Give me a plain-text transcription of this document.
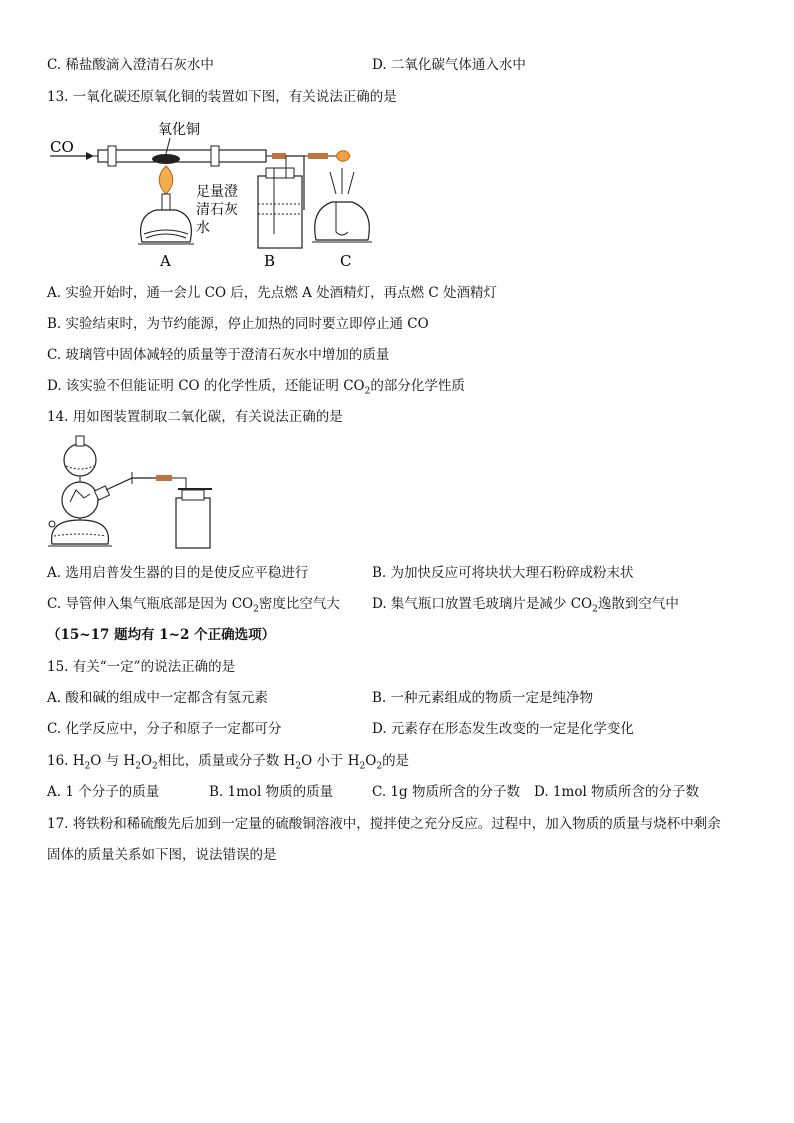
C. 稀盐酸滴入澄清石灰水中	D. 二氧化碳气体通入水中
13. 一氧化碳还原氧化铜的装置如下图，有关说法正确的是
CO
氧化铜
足量澄
清石灰
水
A	B	C
A. 实验开始时，通一会儿 CO 后，先点燃 A 处酒精灯，再点燃 C 处酒精灯
B. 实验结束时，为节约能源，停止加热的同时要立即停止通 CO
C. 玻璃管中固体减轻的质量等于澄清石灰水中增加的质量
D. 该实验不但能证明 CO 的化学性质，还能证明 $CO_2$的部分化学性质
14. 用如图装置制取二氧化碳，有关说法正确的是
A. 选用启普发生器的目的是使反应平稳进行	B. 为加快反应可将块状大理石粉碎成粉末状
C. 导管伸入集气瓶底部是因为 $CO_2$密度比空气大 D. 集气瓶口放置毛玻璃片是减少 $CO_2$逸散到空气中
（15~17 题均有 1~2 个正确选项）
15. 有关“一定”的说法正确的是
A. 酸和碱的组成中一定都含有氢元素	B. 一种元素组成的物质一定是纯净物
C. 化学反应中，分子和原子一定都可分	D. 元素存在形态发生改变的一定是化学变化
16. $H_2O$ 与 $H_2O_2$相比，质量或分子数 $H_2O$ 小于 $H_2O_2$的是
A. 1 个分子的质量	B. 1mol 物质的质量	C. 1g 物质所含的分子数 D. 1mol 物质所含的分子数
17. 将铁粉和稀硫酸先后加到一定量的硫酸铜溶液中，搅拌使之充分反应。过程中，加入物质的质量与烧杯中剩余
固体的质量关系如下图，说法错误的是
